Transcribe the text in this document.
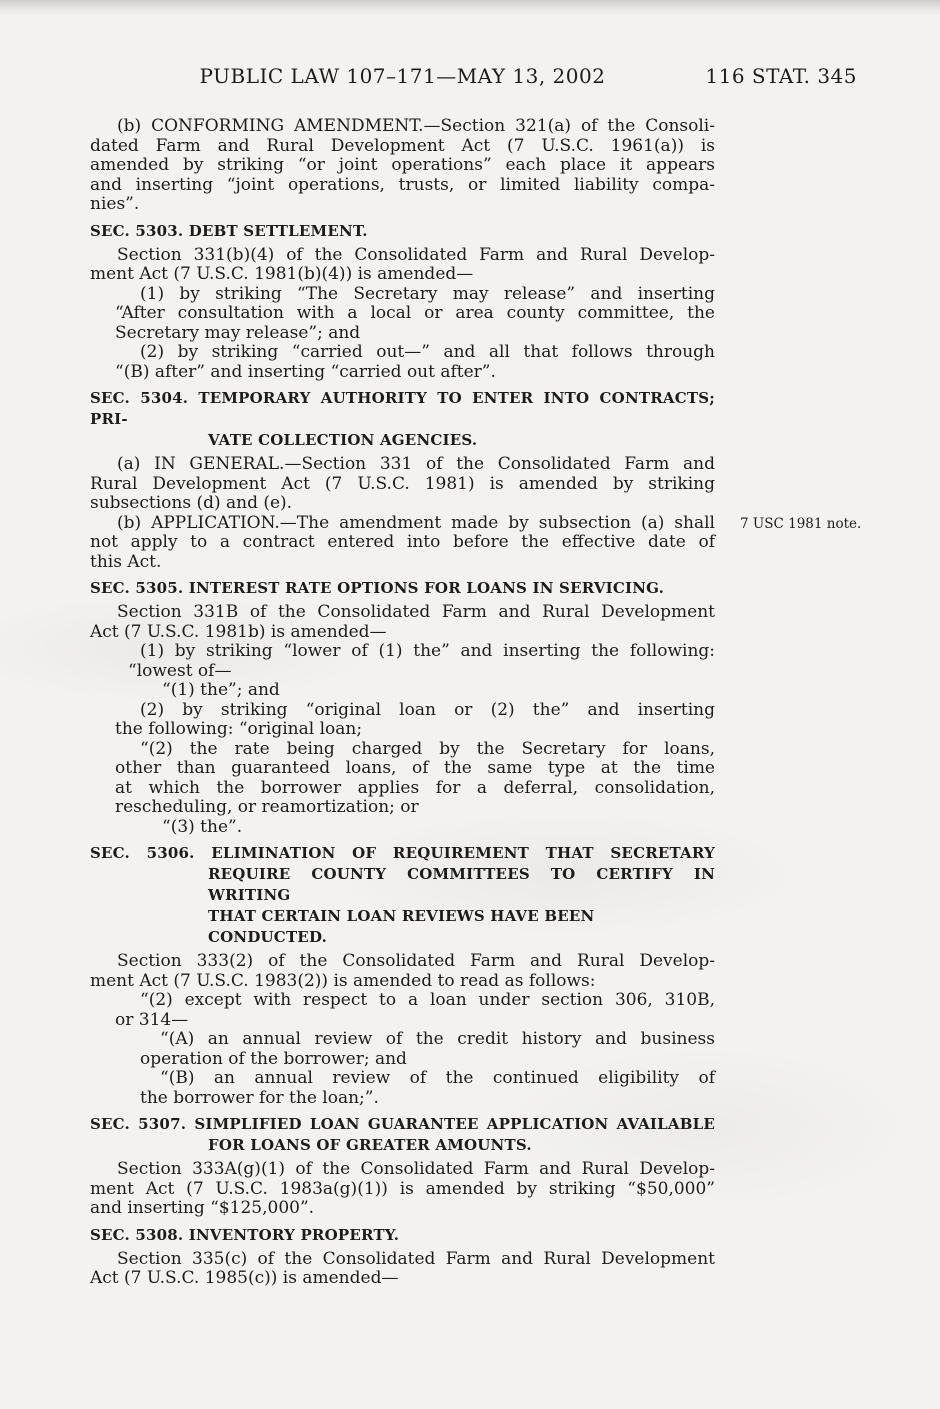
PUBLIC LAW 107–171—MAY 13, 2002	116 STAT. 345
(b) CONFORMING AMENDMENT.—Section 321(a) of the Consoli-
dated Farm and Rural Development Act (7 U.S.C. 1961(a)) is
amended by striking “or joint operations” each place it appears
and inserting “joint operations, trusts, or limited liability compa-
nies”.
SEC. 5303. DEBT SETTLEMENT.
Section 331(b)(4) of the Consolidated Farm and Rural Develop-
ment Act (7 U.S.C. 1981(b)(4)) is amended—
(1) by striking “The Secretary may release” and inserting
“After consultation with a local or area county committee, the
Secretary may release”; and
(2) by striking “carried out—” and all that follows through
“(B) after” and inserting “carried out after”.
SEC. 5304. TEMPORARY AUTHORITY TO ENTER INTO CONTRACTS; PRI-
VATE COLLECTION AGENCIES.
(a) IN GENERAL.—Section 331 of the Consolidated Farm and
Rural Development Act (7 U.S.C. 1981) is amended by striking
subsections (d) and (e).
(b) APPLICATION.—The amendment made by subsection (a) shall
not apply to a contract entered into before the effective date of
this Act.
7 USC 1981 note.
SEC. 5305. INTEREST RATE OPTIONS FOR LOANS IN SERVICING.
Section 331B of the Consolidated Farm and Rural Development
Act (7 U.S.C. 1981b) is amended—
(1) by striking “lower of (1) the” and inserting the following:
“lowest of—
“(1) the”; and
(2) by striking “original loan or (2) the” and inserting
the following: “original loan;
“(2) the rate being charged by the Secretary for loans,
other than guaranteed loans, of the same type at the time
at which the borrower applies for a deferral, consolidation,
rescheduling, or reamortization; or
“(3) the”.
SEC. 5306. ELIMINATION OF REQUIREMENT THAT SECRETARY
REQUIRE COUNTY COMMITTEES TO CERTIFY IN WRITING
THAT CERTAIN LOAN REVIEWS HAVE BEEN CONDUCTED.
Section 333(2) of the Consolidated Farm and Rural Develop-
ment Act (7 U.S.C. 1983(2)) is amended to read as follows:
“(2) except with respect to a loan under section 306, 310B,
or 314—
“(A) an annual review of the credit history and business
operation of the borrower; and
“(B) an annual review of the continued eligibility of
the borrower for the loan;”.
SEC. 5307. SIMPLIFIED LOAN GUARANTEE APPLICATION AVAILABLE
FOR LOANS OF GREATER AMOUNTS.
Section 333A(g)(1) of the Consolidated Farm and Rural Develop-
ment Act (7 U.S.C. 1983a(g)(1)) is amended by striking “$50,000”
and inserting “$125,000”.
SEC. 5308. INVENTORY PROPERTY.
Section 335(c) of the Consolidated Farm and Rural Development
Act (7 U.S.C. 1985(c)) is amended—
